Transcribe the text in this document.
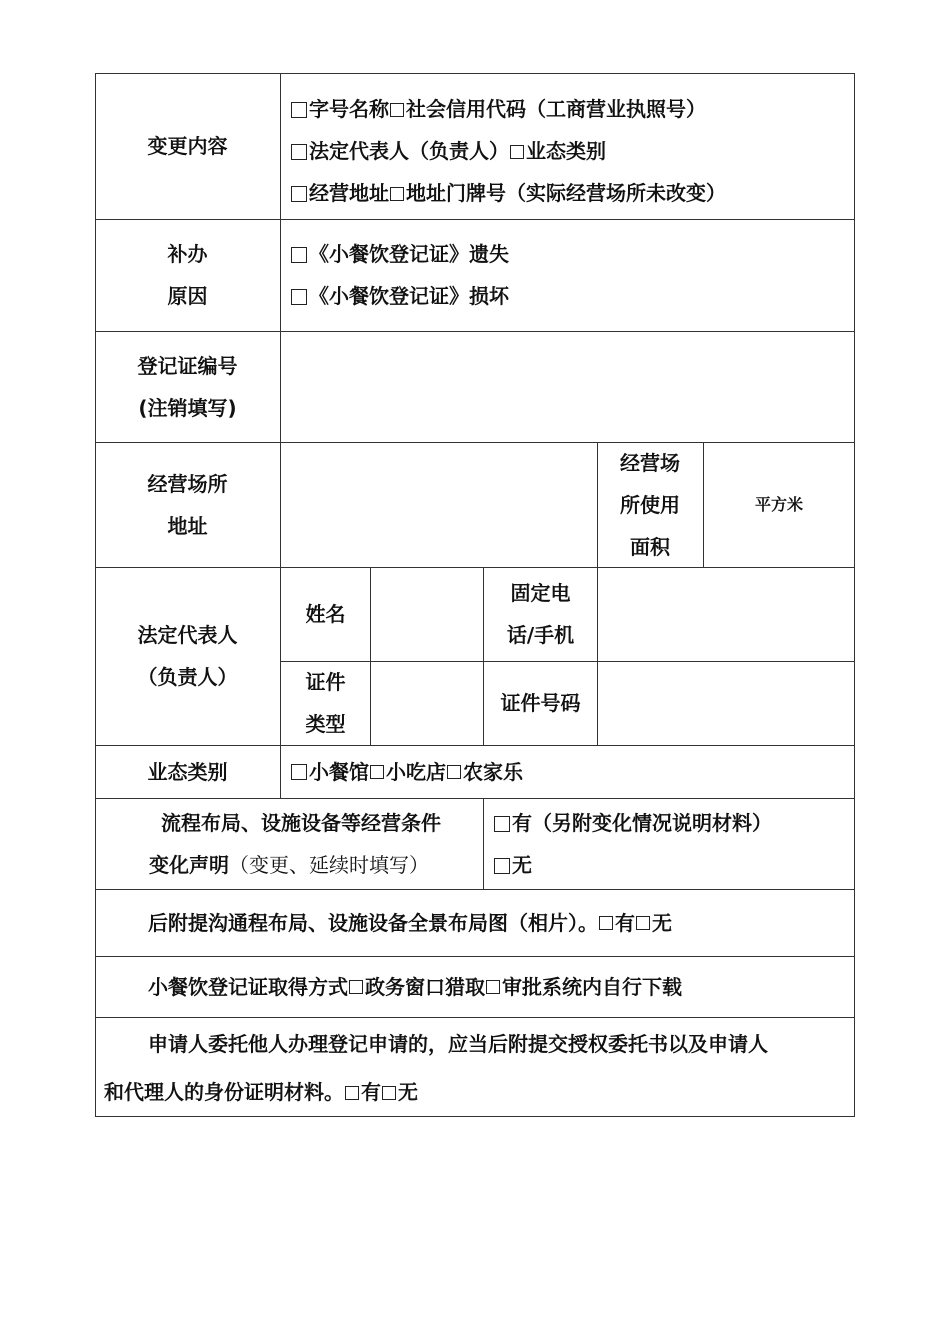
变更内容
字号名称 社会信用代码（工商营业执照号）
法定代表人（负责人） 业态类别
经营地址 地址门牌号（实际经营场所未改变）
补办
原因
《小餐饮登记证》遗失
《小餐饮登记证》损坏
登记证编号
(注销填写)
经营场所
地址
经营场
所使用
面积
平方米
法定代表人
（负责人）
姓名
固定电
话/手机
证件
类型
证件号码
业态类别	小餐馆 小吃店 农家乐
流程布局、设施设备等经营条件
变化声明（变更、延续时填写）
有（另附变化情况说明材料）
无
后附提沟通程布局、设施设备全景布局图（相片）。 有 无
小餐饮登记证取得方式 政务窗口猎取 审批系统内自行下载
申请人委托他人办理登记申请的，应当后附提交授权委托书以及申请人
和代理人的身份证明材料。 有 无
